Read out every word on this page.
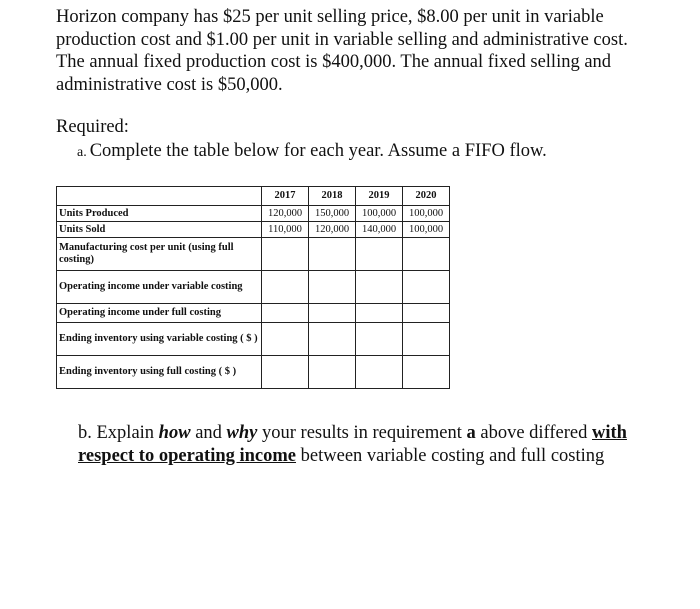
Horizon company has $25 per unit selling price, $8.00 per unit in variable production cost and $1.00 per unit in variable selling and administrative cost. The annual fixed production cost is $400,000. The annual fixed selling and administrative cost is $50,000.

Required:

a. Complete the table below for each year. Assume a FIFO flow.

	2017	2018	2019	2020
Units Produced	120,000	150,000	100,000	100,000
Units Sold	110,000	120,000	140,000	100,000
Manufacturing cost per unit (using full costing)				
Operating income under variable costing				
Operating income under full costing				
Ending inventory using variable costing ( $ )				
Ending inventory using full costing ( $ )				

b. Explain how and why your results in requirement a above differed with respect to operating income between variable costing and full costing
